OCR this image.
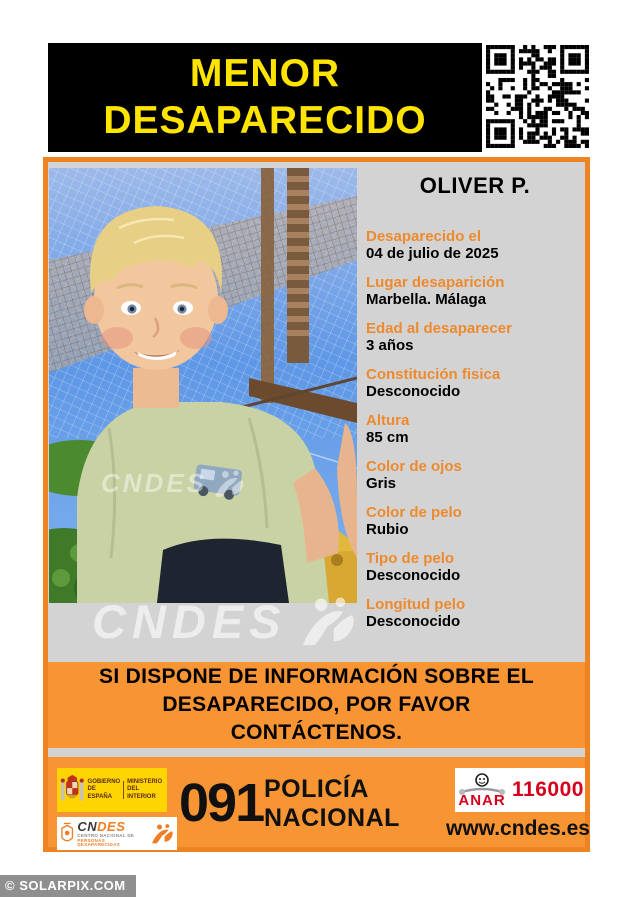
MENOR
DESAPARECIDO
CNDES
OLIVER P.
Desaparecido el
04 de julio de 2025
Lugar desaparición
Marbella. Málaga
Edad al desaparecer
3 años
Constitución fisica
Desconocido
Altura
85 cm
Color de ojos
Gris
Color de pelo
Rubio
Tipo de pelo
Desconocido
Longitud pelo
Desconocido
CNDES
SI DISPONE DE INFORMACIÓN SOBRE EL
DESAPARECIDO, POR FAVOR
CONTÁCTENOS.
GOBIERNO
DE ESPAÑA
MINISTERIO
DEL INTERIOR
CNDES
CENTRO NACIONAL DE
PERSONAS DESAPARECIDAS
091 POLICÍA
NACIONAL
ANAR 116000
www.cndes.es
© SOLARPIX.COM
